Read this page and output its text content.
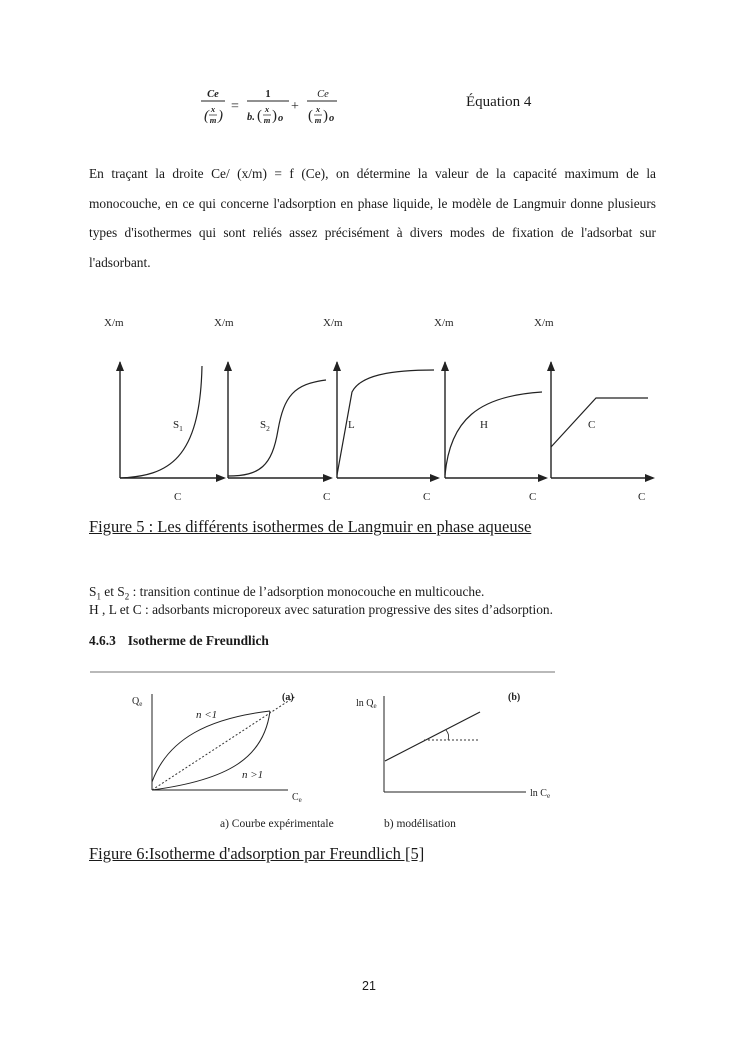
Ce
( x
m )
=
1
b. ( x
m ) o
+
Ce
( x
m ) o
Équation 4

En traçant la droite Ce/ (x/m) = f (Ce), on détermine la valeur de la capacité maximum de la monocouche, en ce qui concerne l'adsorption en phase liquide, le modèle de Langmuir donne plusieurs types d'isothermes qui sont reliés assez précisément à divers modes de fixation de l'adsorbat sur l'adsorbant.

X/m	X/m	X/m	X/m	X/m
$S_1$	$S_2$	L	H	C
C	C	C	C	C
Figure 5 : Les différents isothermes de Langmuir en phase aqueuse
$S_1$ et $S_2$ : transition continue de l’adsorption monocouche en multicouche.
H , L et C : adsorbants microporeux avec saturation progressive des sites d’adsorption.
4.6.3 Isotherme de Freundlich
$Q_e$
n <1
n >1
(a)
$C_e$
$\ln Q_e$
(b)
$\ln C_e$
a) Courbe expérimentale	b) modélisation
Figure 6:Isotherme d'adsorption par Freundlich [5]
21
